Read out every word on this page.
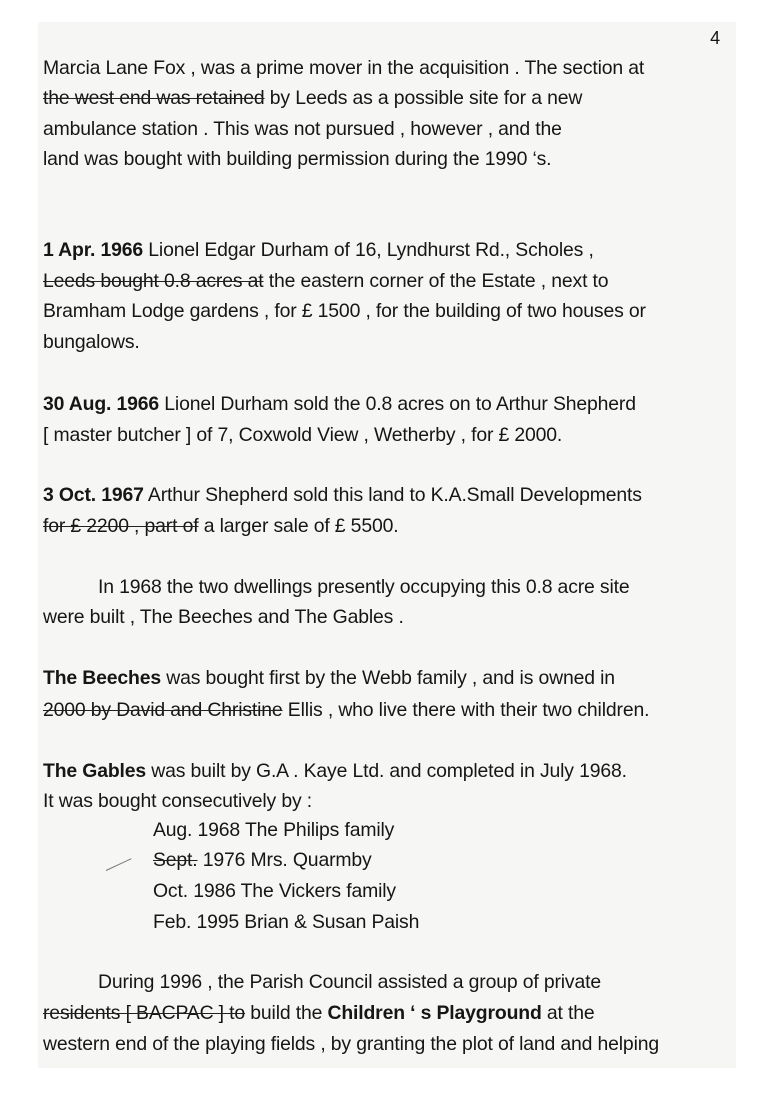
4
Marcia Lane Fox , was a prime mover in the acquisition . The section at
the west end was retained by Leeds as a possible site for a new
ambulance station . This was not pursued , however , and the
land was bought with building permission during the 1990 ‘s.
1 Apr. 1966 Lionel Edgar Durham of 16, Lyndhurst Rd., Scholes ,
Leeds bought 0.8 acres at the eastern corner of the Estate , next to
Bramham Lodge gardens , for £ 1500 , for the building of two houses or
bungalows.
30 Aug. 1966 Lionel Durham sold the 0.8 acres on to Arthur Shepherd
[ master butcher ] of 7, Coxwold View , Wetherby , for £ 2000.
3 Oct. 1967 Arthur Shepherd sold this land to K.A.Small Developments
for £ 2200 , part of a larger sale of £ 5500.
In 1968 the two dwellings presently occupying this 0.8 acre site
were built , The Beeches and The Gables .
The Beeches was bought first by the Webb family , and is owned in
2000 by David and Christine Ellis , who live there with their two children.
The Gables was built by G.A . Kaye Ltd. and completed in July 1968.
It was bought consecutively by :
Aug. 1968 The Philips family
Sept. 1976 Mrs. Quarmby
Oct. 1986 The Vickers family
Feb. 1995 Brian & Susan Paish
During 1996 , the Parish Council assisted a group of private
residents [ BACPAC ] to build the Children ‘ s Playground at the
western end of the playing fields , by granting the plot of land and helping
